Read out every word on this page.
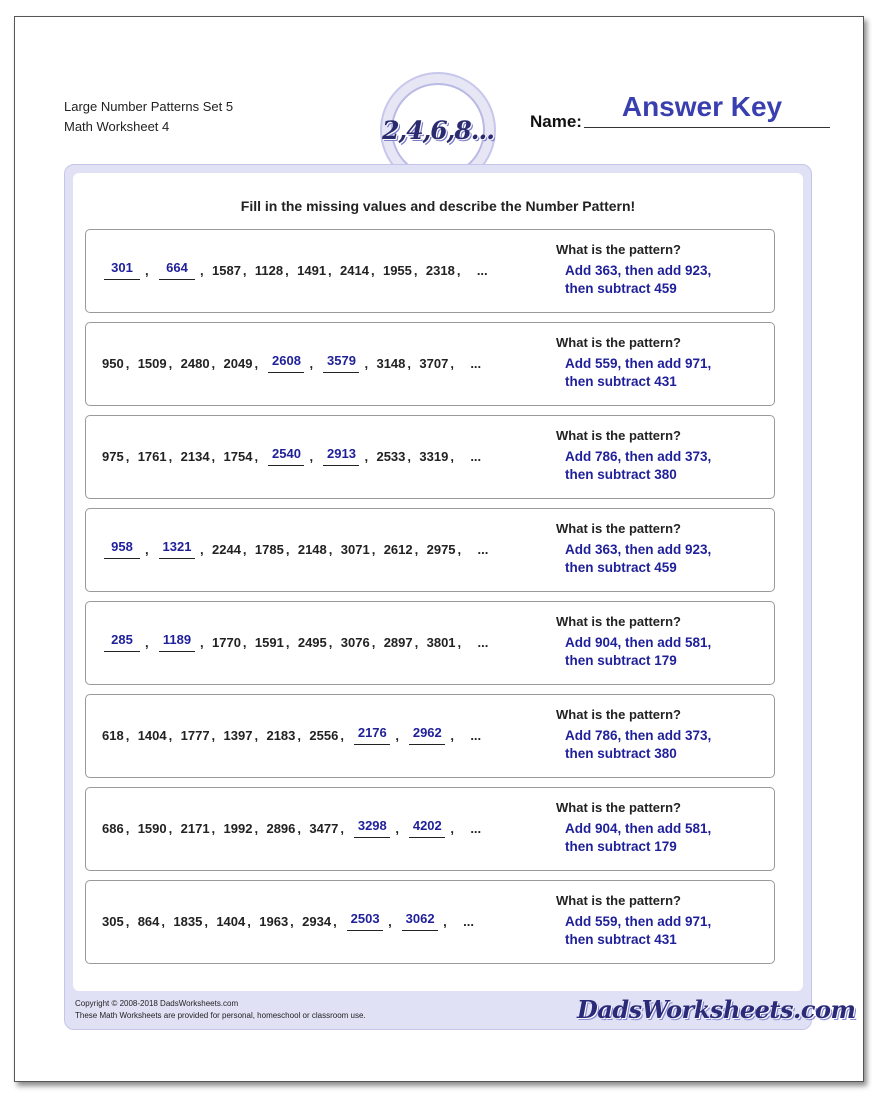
Large Number Patterns Set 5
Math Worksheet 4	2,4,6,8... Name:	Answer Key
Fill in the missing values and describe the Number Pattern!
301 ,	664 , 1587 , 1128 , 1491 , 2414 , 1955 , 2318 ,	...
What is the pattern?
Add 363, then add 923,
then subtract 459
950 , 1509 , 2480 , 2049 ,	2608 ,	3579 , 3148 , 3707 ,	...
What is the pattern?
Add 559, then add 971,
then subtract 431
975 , 1761 , 2134 , 1754 ,	2540 ,	2913 , 2533 , 3319 ,	...
What is the pattern?
Add 786, then add 373,
then subtract 380
958 ,	1321 , 2244 , 1785 , 2148 , 3071 , 2612 , 2975 ,	...
What is the pattern?
Add 363, then add 923,
then subtract 459
285 ,	1189 , 1770 , 1591 , 2495 , 3076 , 2897 , 3801 ,	...
What is the pattern?
Add 904, then add 581,
then subtract 179
618 , 1404 , 1777 , 1397 , 2183 , 2556 ,	2176 ,	2962 ,	...
What is the pattern?
Add 786, then add 373,
then subtract 380
686 , 1590 , 2171 , 1992 , 2896 , 3477 ,	3298 ,	4202 ,	...
What is the pattern?
Add 904, then add 581,
then subtract 179
305 , 864 , 1835 , 1404 , 1963 , 2934 ,	2503 ,	3062 ,	...
What is the pattern?
Add 559, then add 971,
then subtract 431
Copyright © 2008-2018 DadsWorksheets.com
These Math Worksheets are provided for personal, homeschool or classroom use.	DadsWorksheets.com
